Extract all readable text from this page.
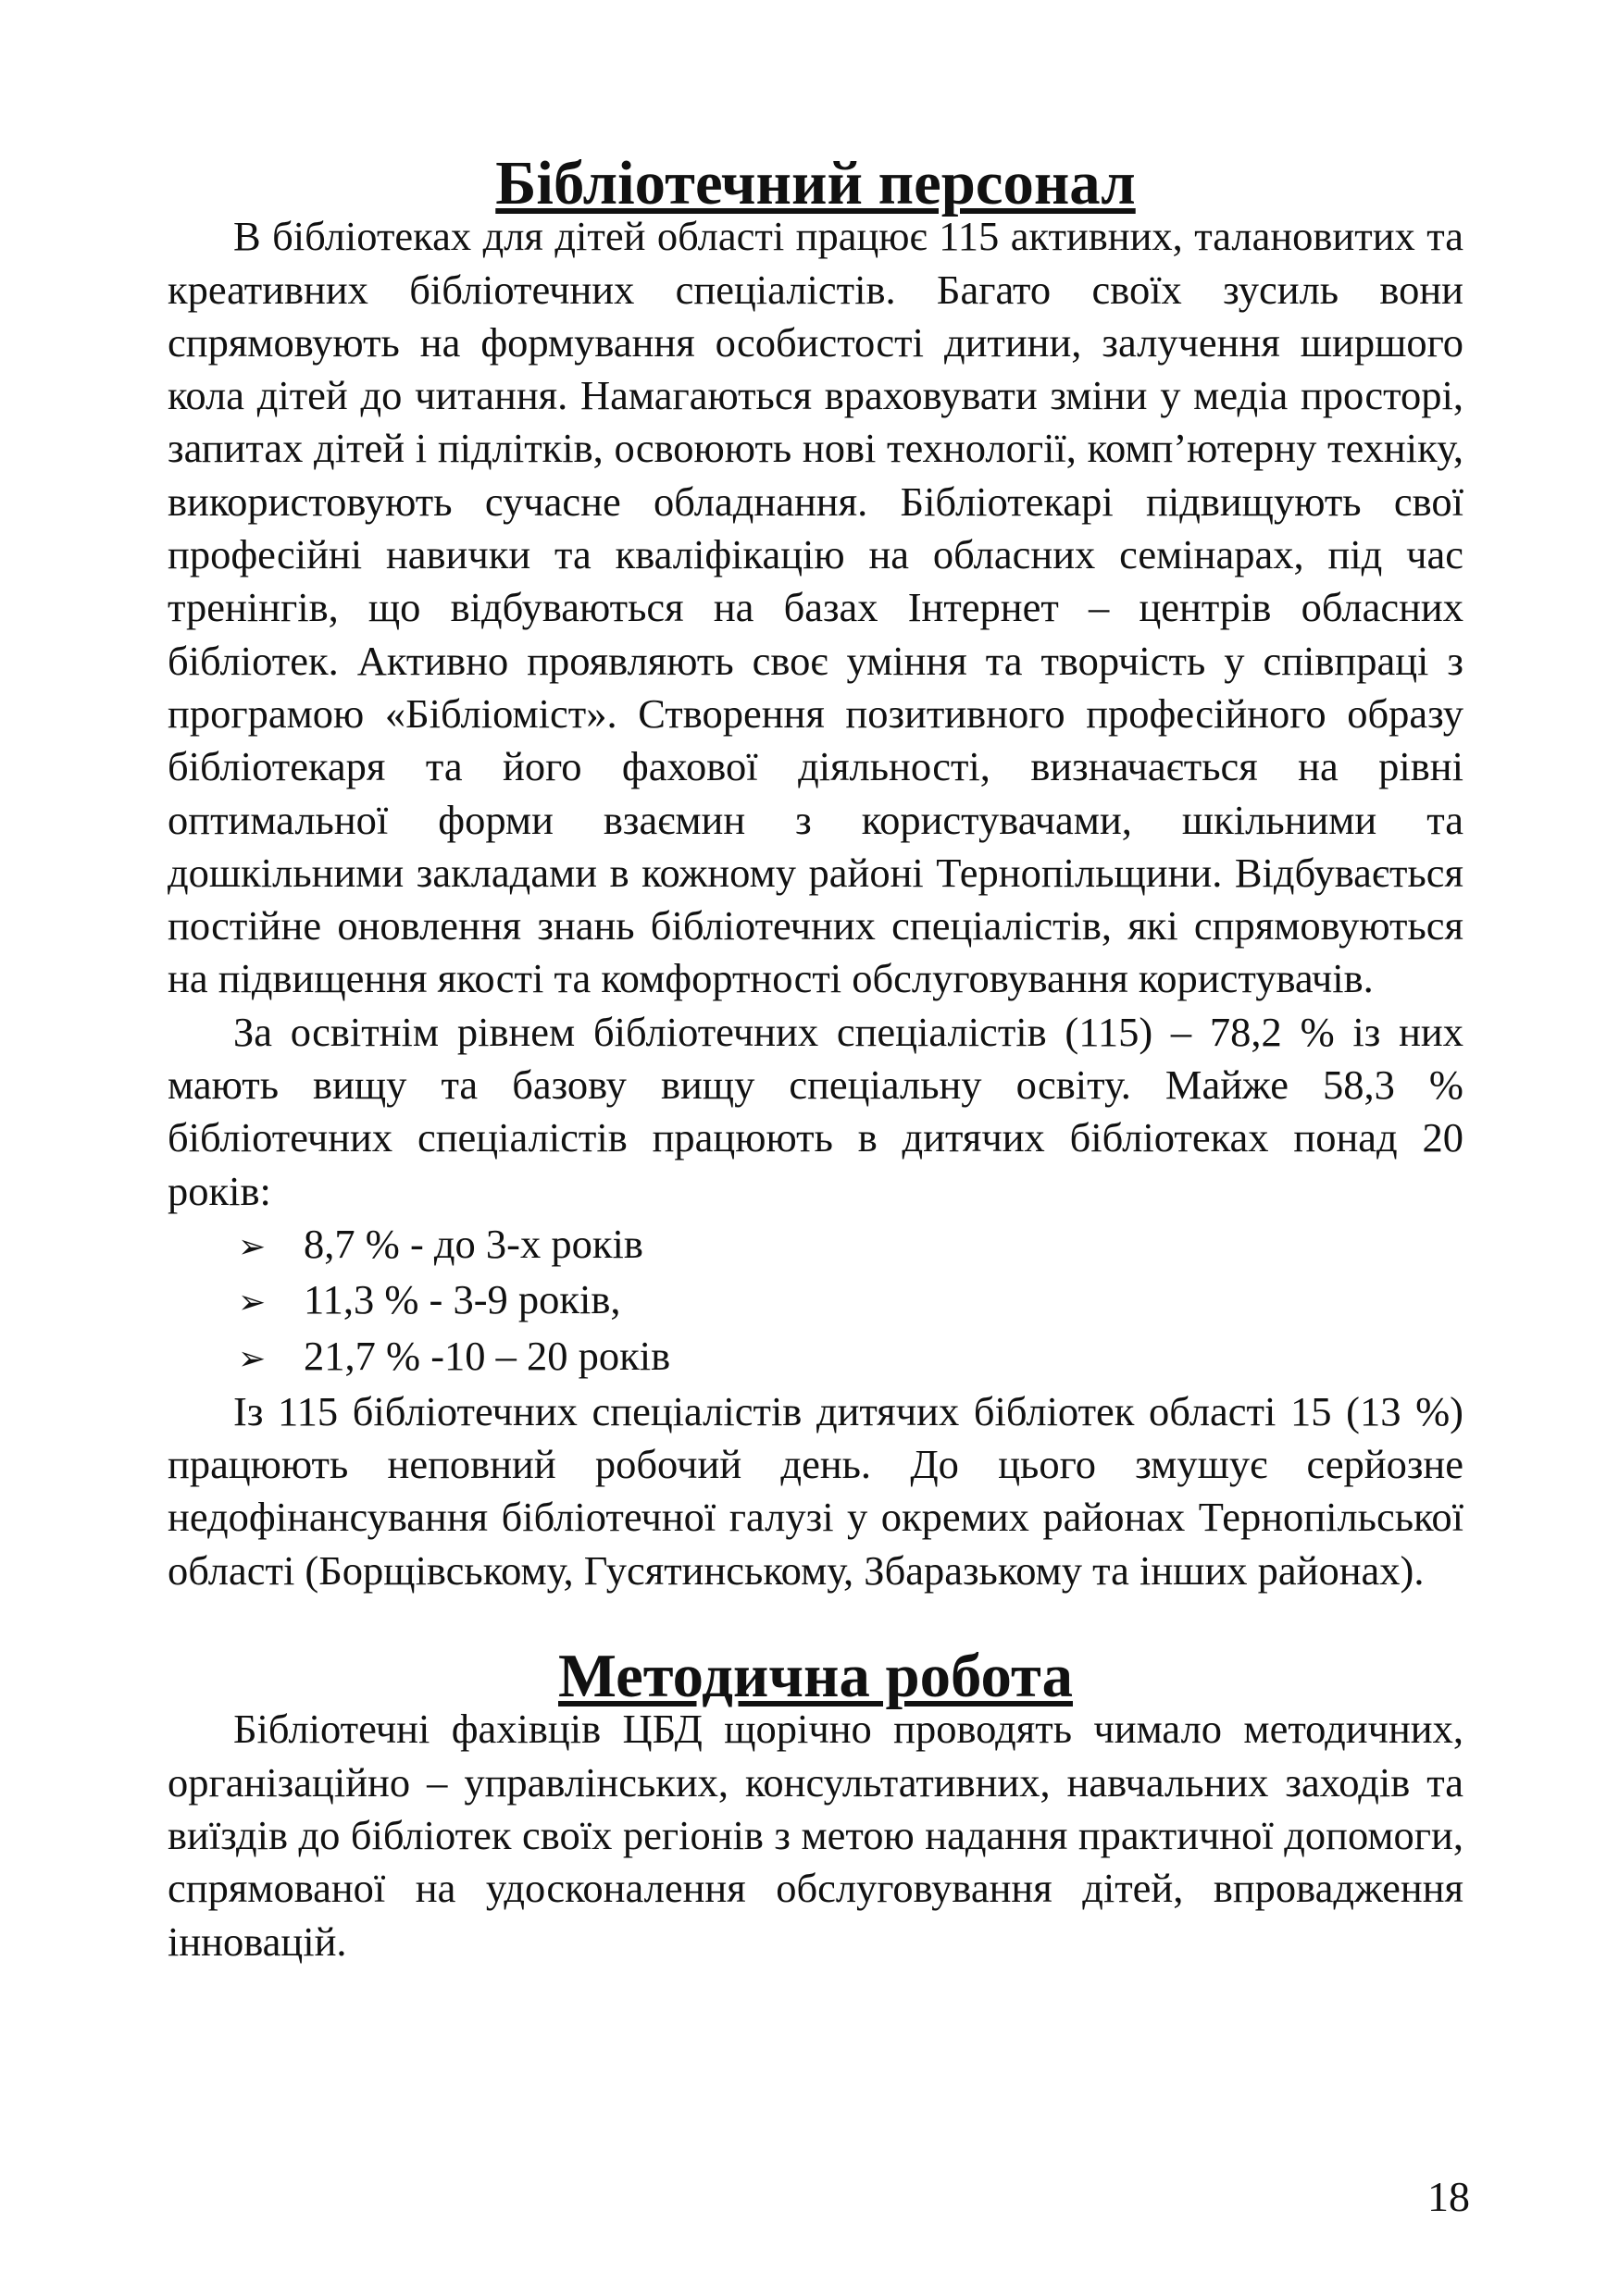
Бібліотечний персонал

В бібліотеках для дітей області працює 115 активних, талановитих та креативних бібліотечних спеціалістів. Багато своїх зусиль вони спрямовують на формування особистості дитини, залучення ширшого кола дітей до читання. Намагаються враховувати зміни у медіа просторі, запитах дітей і підлітків, освоюють нові технології, комп’ютерну техніку, використовують сучасне обладнання. Бібліотекарі підвищують свої професійні навички та кваліфікацію на обласних семінарах, під час тренінгів, що відбуваються на базах Інтернет – центрів обласних бібліотек. Активно проявляють своє уміння та творчість у співпраці з програмою «Бібліоміст». Створення позитивного професійного образу бібліотекаря та його фахової діяльності, визначається на рівні оптимальної форми взаємин з користувачами, шкільними та дошкільними закладами в кожному районі Тернопільщини. Відбувається постійне оновлення знань бібліотечних спеціалістів, які спрямовуються на підвищення якості та комфортності обслуговування користувачів.

За освітнім рівнем бібліотечних спеціалістів (115) – 78,2 % із них мають вищу та базову вищу спеціальну освіту. Майже 58,3 % бібліотечних спеціалістів працюють в дитячих бібліотеках понад 20 років:

➢ 8,7 % - до 3-х років
➢ 11,3 % - 3-9 років,
➢ 21,7 % -10 – 20 років

Із 115 бібліотечних спеціалістів дитячих бібліотек області 15 (13 %) працюють неповний робочий день. До цього змушує серйозне недофінансування бібліотечної галузі у окремих районах Тернопільської області (Борщівському, Гусятинському, Збаразькому та інших районах).

Методична робота

Бібліотечні фахівців ЦБД щорічно проводять чимало методичних, організаційно – управлінських, консультативних, навчальних заходів та виїздів до бібліотек своїх регіонів з метою надання практичної допомоги, спрямованої на удосконалення обслуговування дітей, впровадження інновацій.

18
